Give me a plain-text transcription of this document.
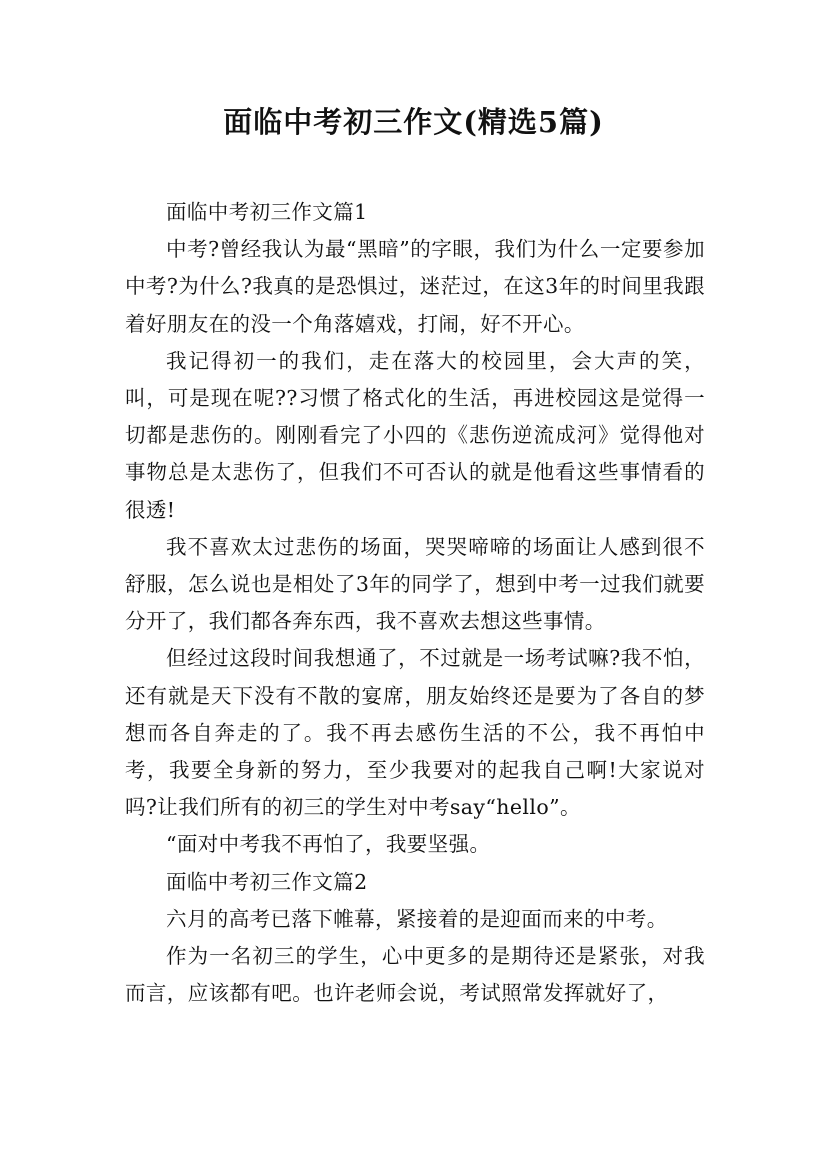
面临中考初三作文(精选5篇)

面临中考初三作文篇1

中考?曾经我认为最“黑暗”的字眼，我们为什么一定要参加中考?为什么?我真的是恐惧过，迷茫过，在这3年的时间里我跟着好朋友在的没一个角落嬉戏，打闹，好不开心。

我记得初一的我们，走在落大的校园里，会大声的笑，叫，可是现在呢??习惯了格式化的生活，再进校园这是觉得一切都是悲伤的。刚刚看完了小四的《悲伤逆流成河》觉得他对事物总是太悲伤了，但我们不可否认的就是他看这些事情看的很透!

我不喜欢太过悲伤的场面，哭哭啼啼的场面让人感到很不舒服，怎么说也是相处了3年的同学了，想到中考一过我们就要分开了，我们都各奔东西，我不喜欢去想这些事情。

但经过这段时间我想通了，不过就是一场考试嘛?我不怕，还有就是天下没有不散的宴席，朋友始终还是要为了各自的梦想而各自奔走的了。我不再去感伤生活的不公，我不再怕中考，我要全身新的努力，至少我要对的起我自己啊!大家说对吗?让我们所有的初三的学生对中考say“hello”。

“面对中考我不再怕了，我要坚强。

面临中考初三作文篇2

六月的高考已落下帷幕，紧接着的是迎面而来的中考。

作为一名初三的学生，心中更多的是期待还是紧张，对我而言，应该都有吧。也许老师会说，考试照常发挥就好了，
